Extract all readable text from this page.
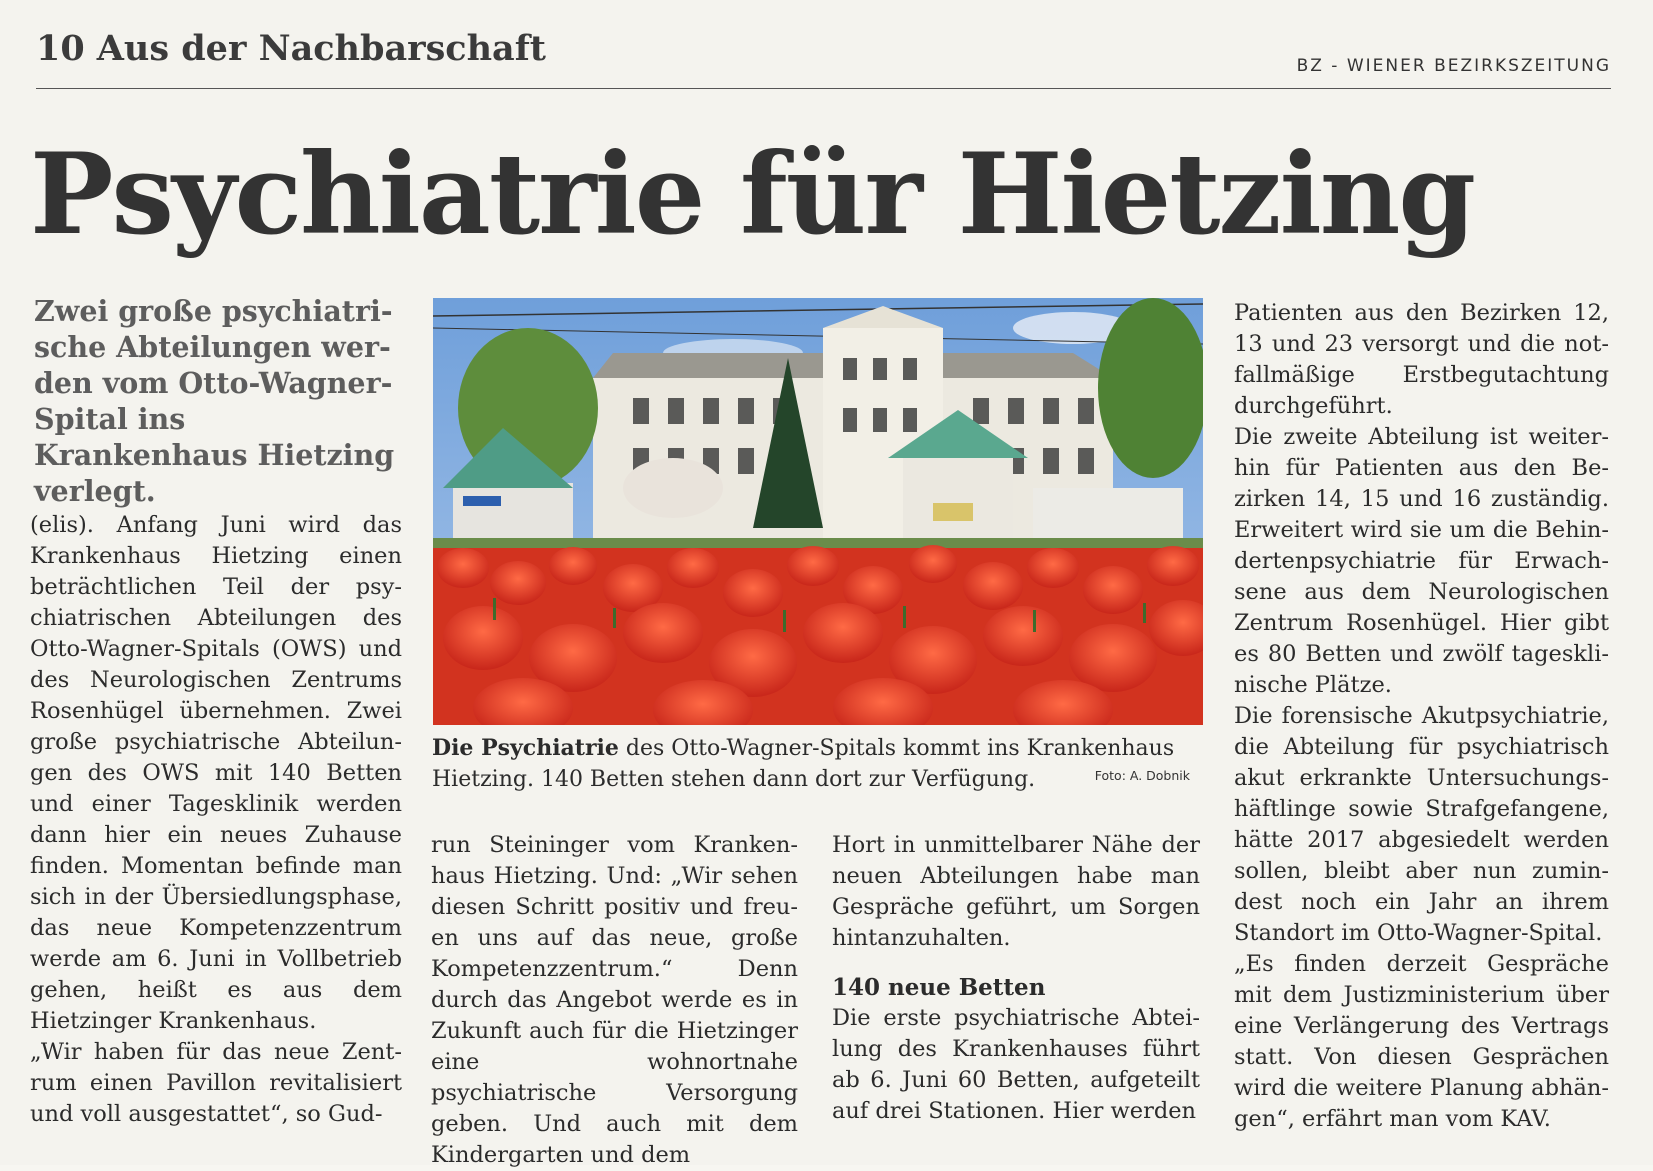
10 Aus der Nachbarschaft	BZ - WIENER BEZIRKSZEITUNG
Psychiatrie für Hietzing
Zwei große psychiatrische Abteilungen werden vom Otto-Wagner-Spital ins Krankenhaus Hietzing verlegt.

(elis). Anfang Juni wird das Krankenhaus Hietzing einen beträchtlichen Teil der psychiatrischen Abteilungen des Otto-Wagner-Spitals (OWS) und des Neurologischen Zentrums Rosenhügel übernehmen. Zwei große psychiatrische Abteilungen des OWS mit 140 Betten und einer Tagesklinik werden dann hier ein neues Zuhause finden. Momentan befinde man sich in der Übersiedlungsphase, das neue Kompetenzzentrum werde am 6. Juni in Vollbetrieb gehen, heißt es aus dem Hietzinger Krankenhaus.

„Wir haben für das neue Zentrum einen Pavillon revitalisiert und voll ausgestattet“, so Gud-

Die Psychiatrie des Otto-Wagner-Spitals kommt ins Krankenhaus Hietzing. 140 Betten stehen dann dort zur Verfügung.	Foto: A. Dobnik

run Steininger vom Krankenhaus Hietzing. Und: „Wir sehen diesen Schritt positiv und freuen uns auf das neue, große Kompetenzzentrum.“ Denn durch das Angebot werde es in Zukunft auch für die Hietzinger eine wohnortnahe psychiatrische Versorgung geben. Und auch mit dem Kindergarten und dem

Hort in unmittelbarer Nähe der neuen Abteilungen habe man Gespräche geführt, um Sorgen hintanzuhalten.

140 neue Betten

Die erste psychiatrische Abteilung des Krankenhauses führt ab 6. Juni 60 Betten, aufgeteilt auf drei Stationen. Hier werden

Patienten aus den Bezirken 12, 13 und 23 versorgt und die notfallmäßige Erstbegutachtung durchgeführt.

Die zweite Abteilung ist weiterhin für Patienten aus den Bezirken 14, 15 und 16 zuständig. Erweitert wird sie um die Behindertenpsychiatrie für Erwachsene aus dem Neurologischen Zentrum Rosenhügel. Hier gibt es 80 Betten und zwölf tagesklinische Plätze.

Die forensische Akutpsychiatrie, die Abteilung für psychiatrisch akut erkrankte Untersuchungshäftlinge sowie Strafgefangene, hätte 2017 abgesiedelt werden sollen, bleibt aber nun zumindest noch ein Jahr an ihrem Standort im Otto-Wagner-Spital.

„Es finden derzeit Gespräche mit dem Justizministerium über eine Verlängerung des Vertrags statt. Von diesen Gesprächen wird die weitere Planung abhängen“, erfährt man vom KAV.
